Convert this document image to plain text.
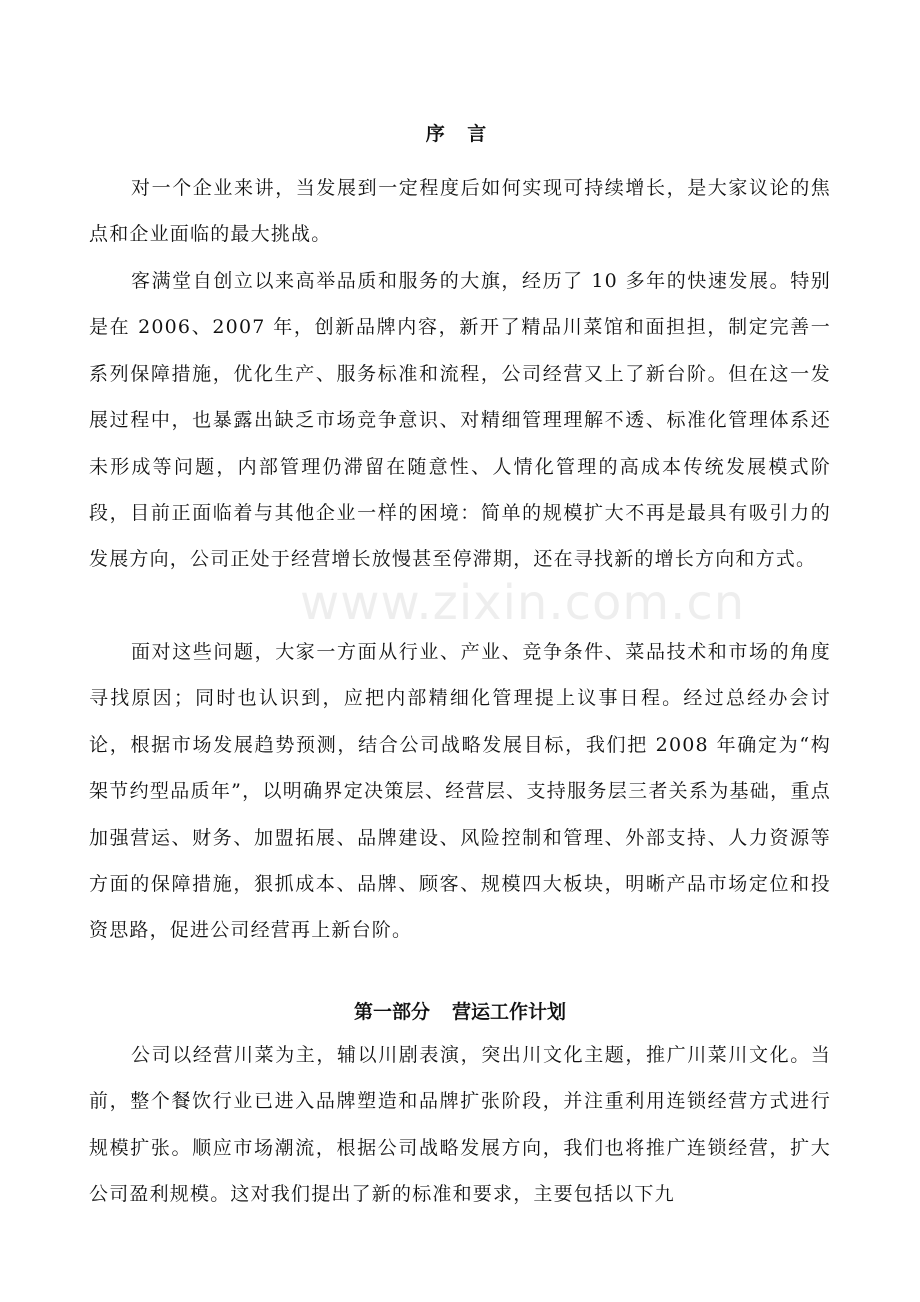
序 言

对一个企业来讲，当发展到一定程度后如何实现可持续增长，是大家议论的焦点和企业面临的最大挑战。

客满堂自创立以来高举品质和服务的大旗，经历了 10 多年的快速发展。特别是在 2006、2007 年，创新品牌内容，新开了精品川菜馆和面担担，制定完善一系列保障措施，优化生产、服务标准和流程，公司经营又上了新台阶。但在这一发展过程中，也暴露出缺乏市场竞争意识、对精细管理理解不透、标准化管理体系还未形成等问题，内部管理仍滞留在随意性、人情化管理的高成本传统发展模式阶段，目前正面临着与其他企业一样的困境：简单的规模扩大不再是最具有吸引力的发展方向，公司正处于经营增长放慢甚至停滞期，还在寻找新的增长方向和方式。

面对这些问题，大家一方面从行业、产业、竞争条件、菜品技术和市场的角度寻找原因；同时也认识到，应把内部精细化管理提上议事日程。经过总经办会讨论，根据市场发展趋势预测，结合公司战略发展目标，我们把 2008 年确定为“构架节约型品质年”，以明确界定决策层、经营层、支持服务层三者关系为基础，重点加强营运、财务、加盟拓展、品牌建设、风险控制和管理、外部支持、人力资源等方面的保障措施，狠抓成本、品牌、顾客、规模四大板块，明晰产品市场定位和投资思路，促进公司经营再上新台阶。

第一部分 营运工作计划

公司以经营川菜为主，辅以川剧表演，突出川文化主题，推广川菜川文化。当前，整个餐饮行业已进入品牌塑造和品牌扩张阶段，并注重利用连锁经营方式进行规模扩张。顺应市场潮流，根据公司战略发展方向，我们也将推广连锁经营，扩大公司盈利规模。这对我们提出了新的标准和要求，主要包括以下九

www.zixin.com.cn
